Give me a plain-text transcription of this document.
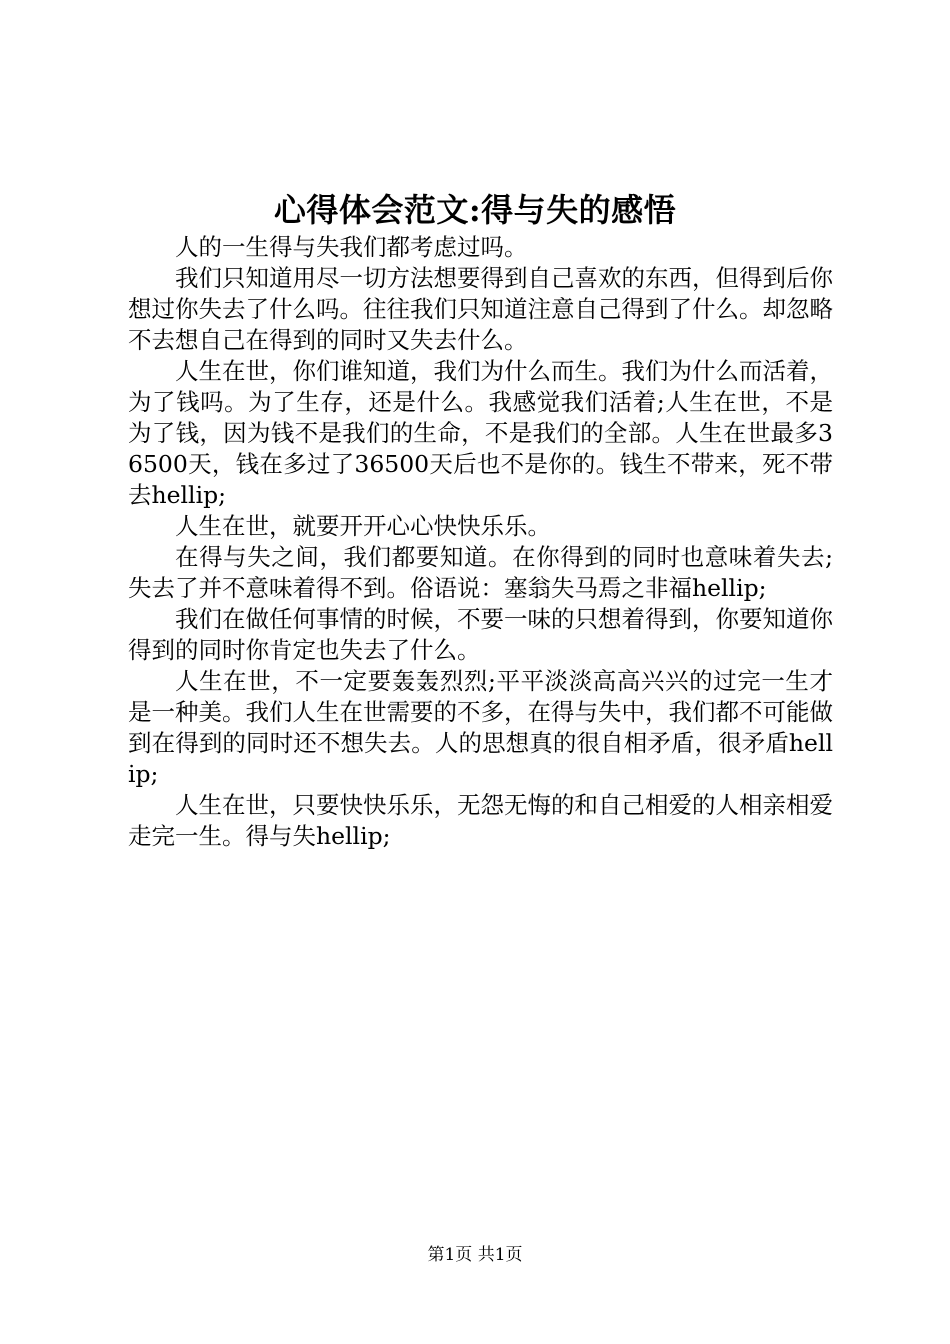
心得体会范文:得与失的感悟

人的一生得与失我们都考虑过吗。

我们只知道用尽一切方法想要得到自己喜欢的东西，但得到后你想过你失去了什么吗。往往我们只知道注意自己得到了什么。却忽略不去想自己在得到的同时又失去什么。

人生在世，你们谁知道，我们为什么而生。我们为什么而活着，为了钱吗。为了生存，还是什么。我感觉我们活着;人生在世，不是为了钱，因为钱不是我们的生命，不是我们的全部。人生在世最多36500天，钱在多过了36500天后也不是你的。钱生不带来，死不带去hellip;

人生在世，就要开开心心快快乐乐。

在得与失之间，我们都要知道。在你得到的同时也意味着失去;失去了并不意味着得不到。俗语说：塞翁失马焉之非福hellip;

我们在做任何事情的时候，不要一味的只想着得到，你要知道你得到的同时你肯定也失去了什么。

人生在世，不一定要轰轰烈烈;平平淡淡高高兴兴的过完一生才是一种美。我们人生在世需要的不多，在得与失中，我们都不可能做到在得到的同时还不想失去。人的思想真的很自相矛盾，很矛盾hellip;

人生在世，只要快快乐乐，无怨无悔的和自己相爱的人相亲相爱走完一生。得与失hellip;

第1页 共1页
